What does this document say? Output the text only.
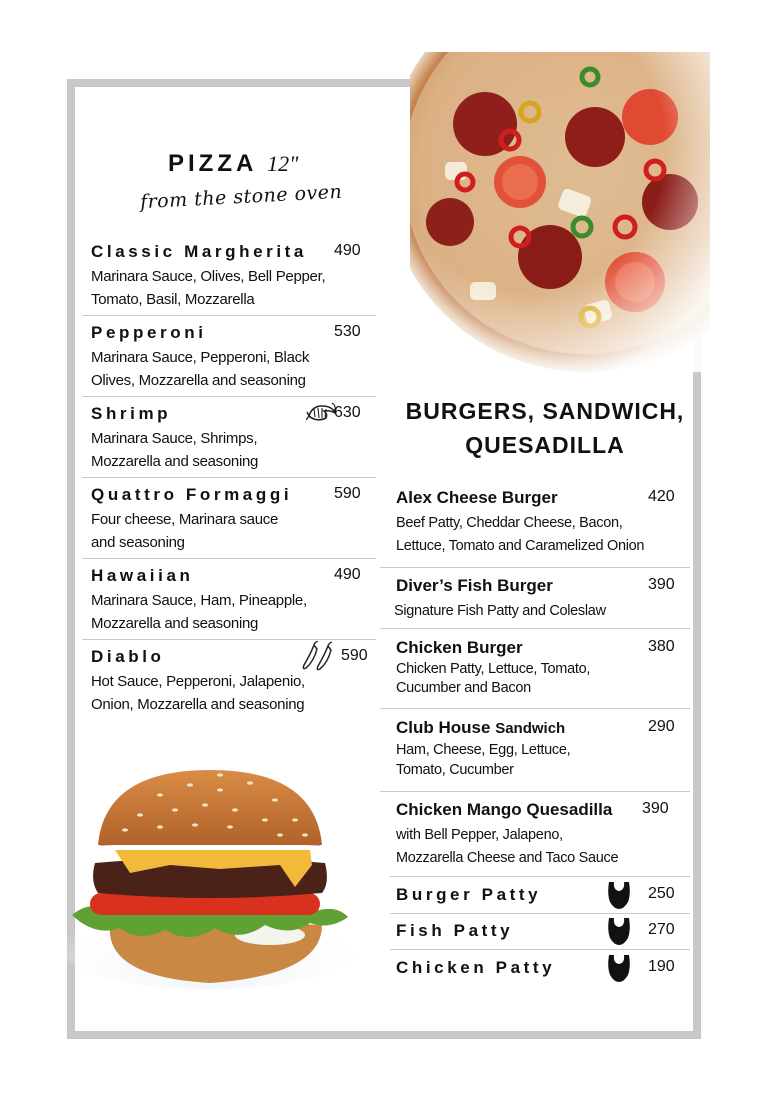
PIZZA 12"
from the stone oven
BURGERS, SANDWICH,
QUESADILLA
Classic Margherita 490
Marinara Sauce, Olives, Bell Pepper,
Tomato, Basil, Mozzarella
Pepperoni	530
Marinara Sauce, Pepperoni, Black
Olives, Mozzarella and seasoning
Shrimp	630
Marinara Sauce, Shrimps,
Mozzarella and seasoning
Quattro Formaggi	590
Four cheese, Marinara sauce
and seasoning
Hawaiian	490
Marinara Sauce, Ham, Pineapple,
Mozzarella and seasoning
Diablo	590
Hot Sauce, Pepperoni, Jalapenio,
Onion, Mozzarella and seasoning
Alex Cheese Burger	420
Beef Patty, Cheddar Cheese, Bacon,
Lettuce, Tomato and Caramelized Onion
Diver’s Fish Burger	390
Signature Fish Patty and Coleslaw
Chicken Burger	380
Chicken Patty, Lettuce, Tomato,
Cucumber and Bacon
Club House Sandwich	290
Ham, Cheese, Egg, Lettuce,
Tomato, Cucumber
Chicken Mango Quesadilla 390
with Bell Pepper, Jalapeno,
Mozzarella Cheese and Taco Sauce
Burger Patty	250
Fish Patty	270
Chicken Patty	190
